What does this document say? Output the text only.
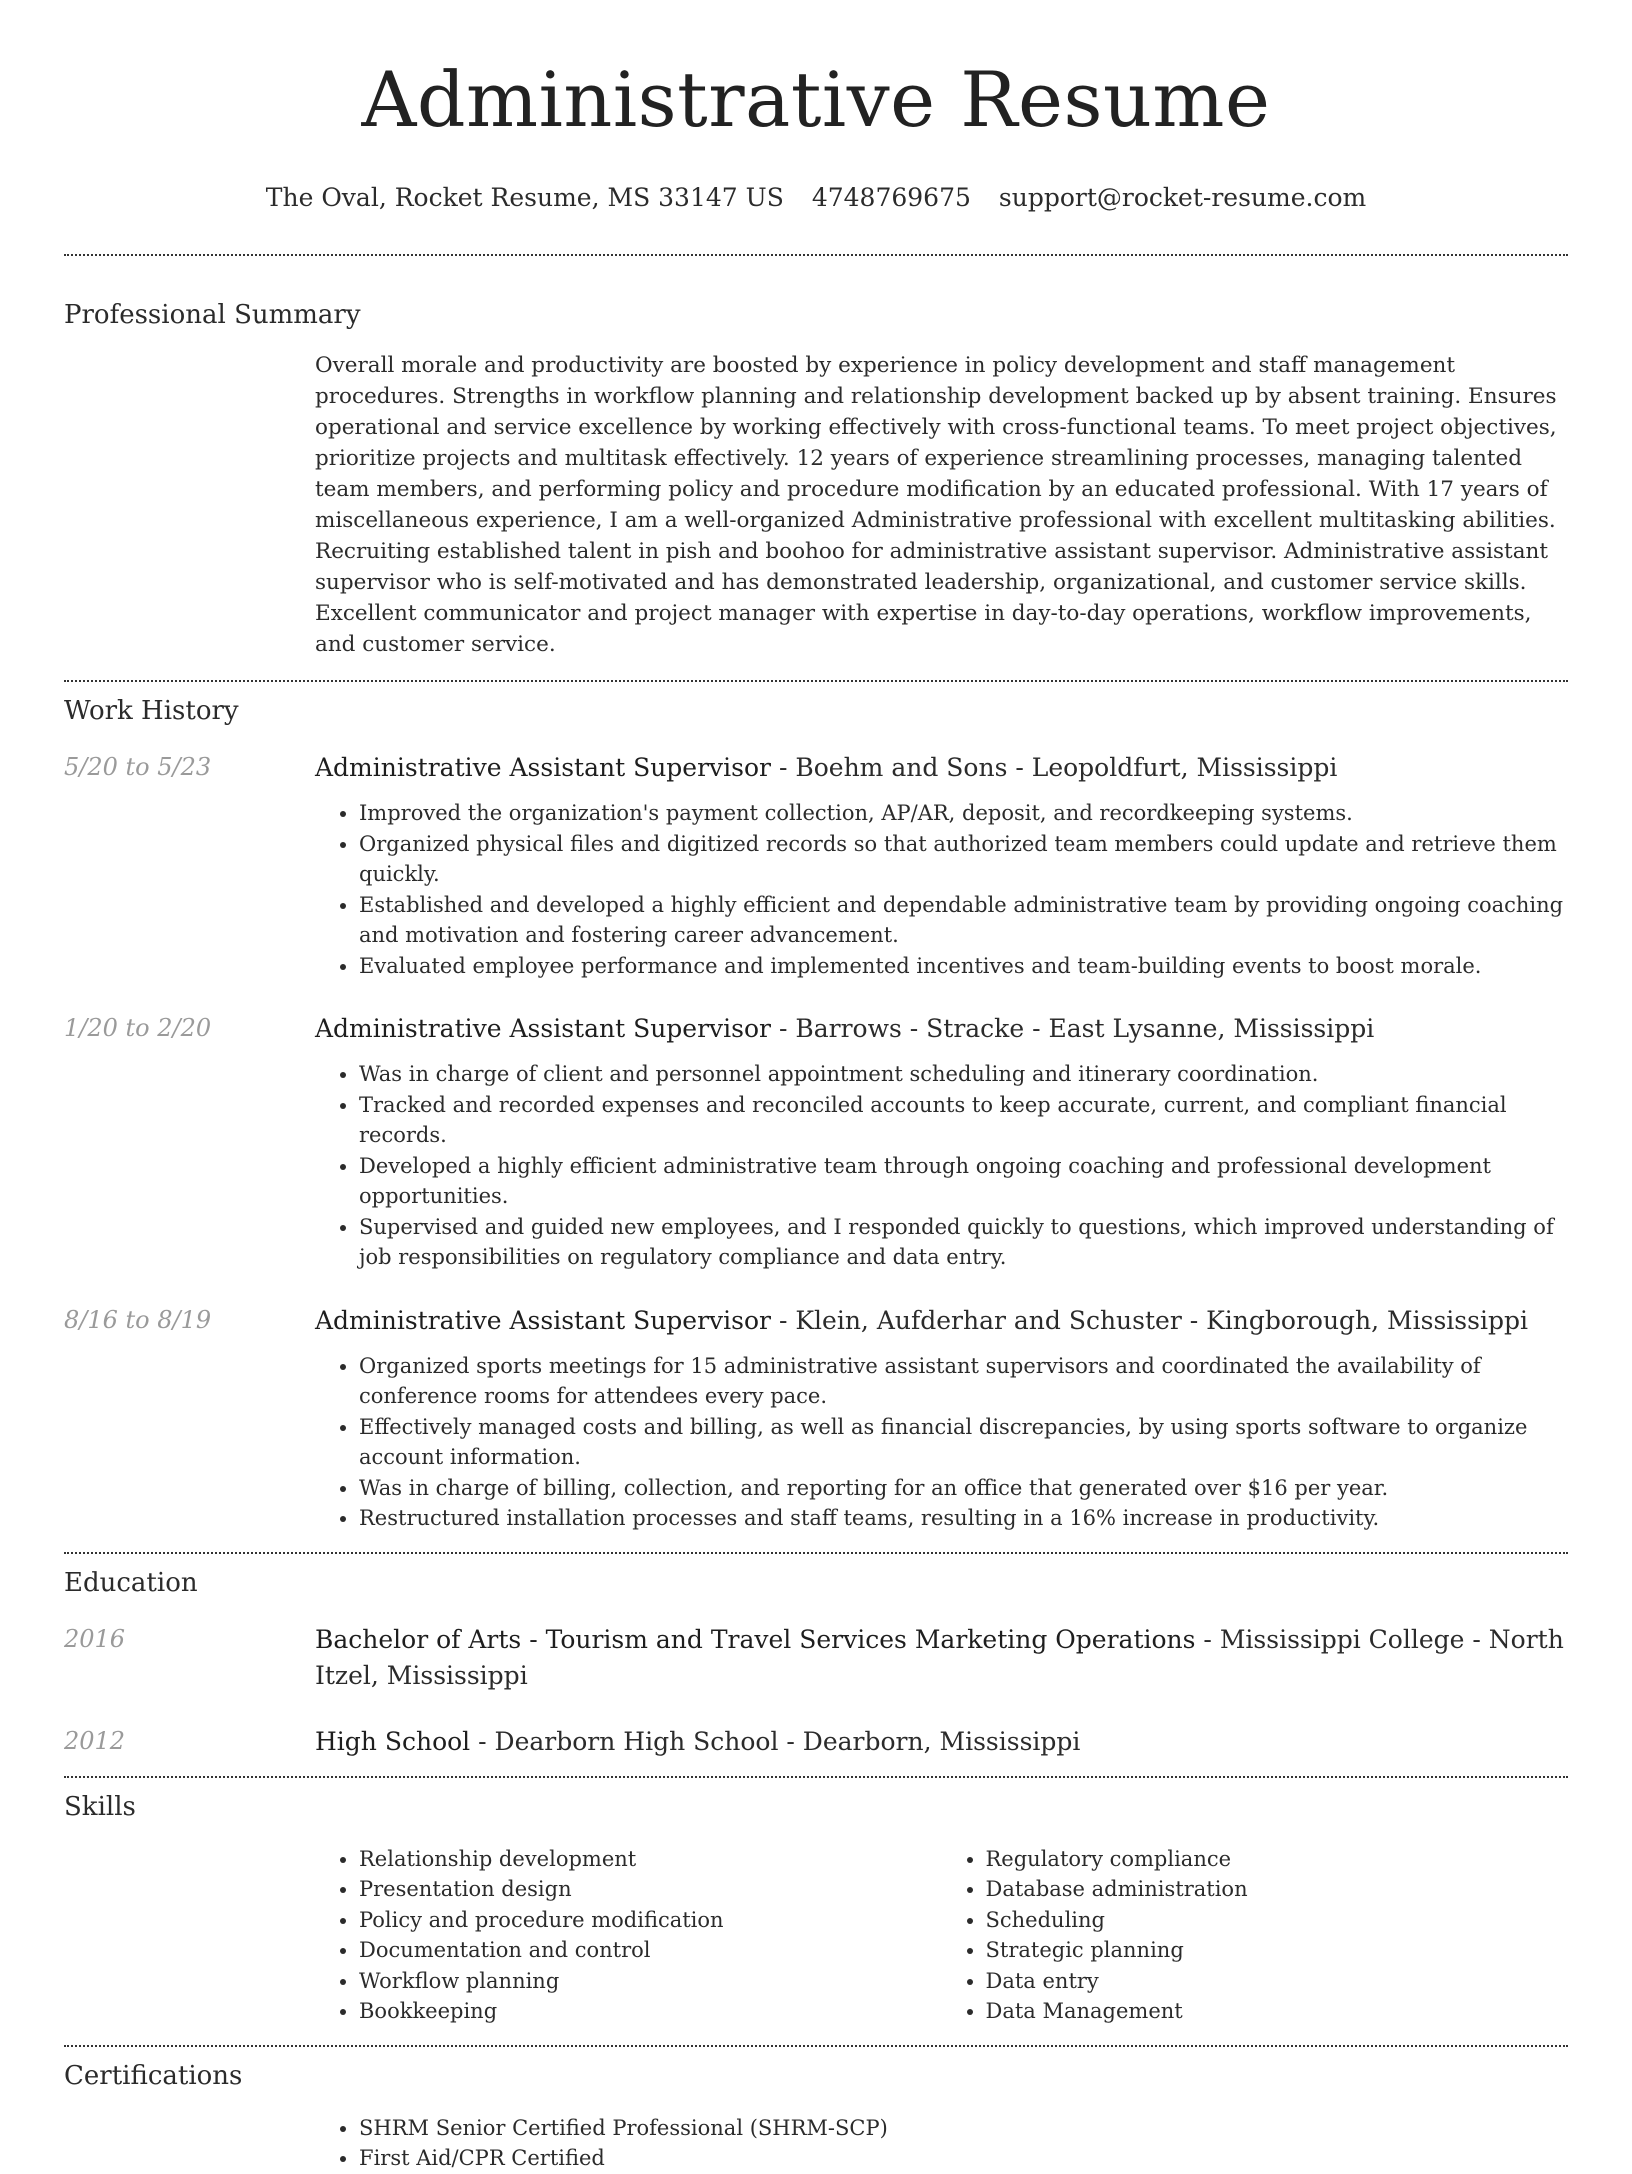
Administrative Resume
The Oval, Rocket Resume, MS 33147 US 4748769675 support@rocket-resume.com
Professional Summary

Overall morale and productivity are boosted by experience in policy development and staff management procedures. Strengths in workflow planning and relationship development backed up by absent training. Ensures operational and service excellence by working effectively with cross-functional teams. To meet project objectives, prioritize projects and multitask effectively. 12 years of experience streamlining processes, managing talented team members, and performing policy and procedure modification by an educated professional. With 17 years of miscellaneous experience, I am a well-organized Administrative professional with excellent multitasking abilities. Recruiting established talent in pish and boohoo for administrative assistant supervisor. Administrative assistant supervisor who is self-motivated and has demonstrated leadership, organizational, and customer service skills. Excellent communicator and project manager with expertise in day-to-day operations, workflow improvements, and customer service.

Work History
5/20 to 5/23	Administrative Assistant Supervisor - Boehm and Sons - Leopoldfurt, Mississippi
• Improved the organization's payment collection, AP/AR, deposit, and recordkeeping systems.
• Organized physical files and digitized records so that authorized team members could update and retrieve them quickly.
• Established and developed a highly efficient and dependable administrative team by providing ongoing coaching and motivation and fostering career advancement.
• Evaluated employee performance and implemented incentives and team-building events to boost morale.
1/20 to 2/20	Administrative Assistant Supervisor - Barrows - Stracke - East Lysanne, Mississippi
• Was in charge of client and personnel appointment scheduling and itinerary coordination.
• Tracked and recorded expenses and reconciled accounts to keep accurate, current, and compliant financial records.
• Developed a highly efficient administrative team through ongoing coaching and professional development opportunities.
• Supervised and guided new employees, and I responded quickly to questions, which improved understanding of job responsibilities on regulatory compliance and data entry.
8/16 to 8/19	Administrative Assistant Supervisor - Klein, Aufderhar and Schuster - Kingborough, Mississippi
• Organized sports meetings for 15 administrative assistant supervisors and coordinated the availability of conference rooms for attendees every pace.
• Effectively managed costs and billing, as well as financial discrepancies, by using sports software to organize account information.
• Was in charge of billing, collection, and reporting for an office that generated over $16 per year.
• Restructured installation processes and staff teams, resulting in a 16% increase in productivity.
Education
2016	Bachelor of Arts - Tourism and Travel Services Marketing Operations - Mississippi College - North Itzel, Mississippi
2012	High School - Dearborn High School - Dearborn, Mississippi
Skills
• Relationship development
• Presentation design
• Policy and procedure modification
• Documentation and control
• Workflow planning
• Bookkeeping
• Regulatory compliance
• Database administration
• Scheduling
• Strategic planning
• Data entry
• Data Management
Certifications
• SHRM Senior Certified Professional (SHRM-SCP)
• First Aid/CPR Certified
